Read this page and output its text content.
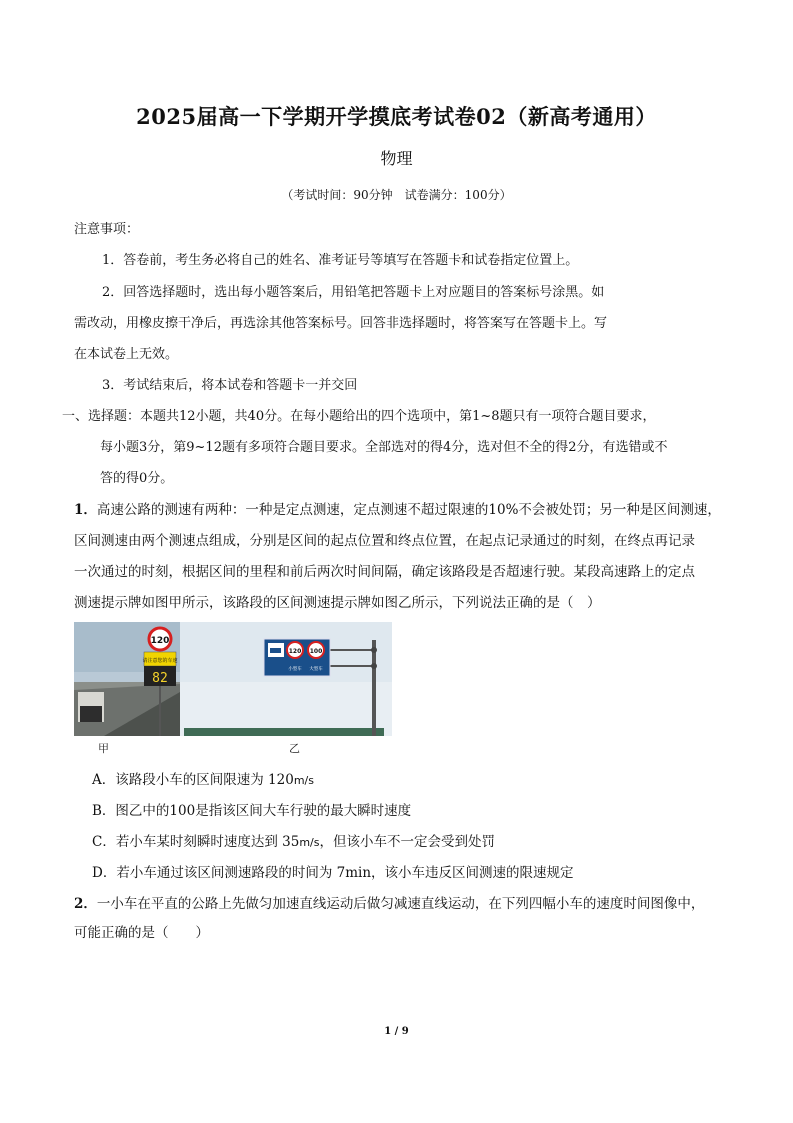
2025届高一下学期开学摸底考试卷02（新高考通用）
物理
（考试时间：90分钟　试卷满分：100分）
注意事项：
1．答卷前，考生务必将自己的姓名、准考证号等填写在答题卡和试卷指定位置上。
2．回答选择题时，选出每小题答案后，用铅笔把答题卡上对应题目的答案标号涂黑。如
需改动，用橡皮擦干净后，再选涂其他答案标号。回答非选择题时，将答案写在答题卡上。写
在本试卷上无效。
3．考试结束后，将本试卷和答题卡一并交回
一、选择题：本题共12小题，共40分。在每小题给出的四个选项中，第1~8题只有一项符合题目要求，
每小题3分，第9~12题有多项符合题目要求。全部选对的得4分，选对但不全的得2分，有选错或不
答的得0分。
1．高速公路的测速有两种：一种是定点测速，定点测速不超过限速的10%不会被处罚；另一种是区间测速，
区间测速由两个测速点组成，分别是区间的起点位置和终点位置，在起点记录通过的时刻，在终点再记录
一次通过的时刻，根据区间的里程和前后两次时间间隔，确定该路段是否超速行驶。某段高速路上的定点
测速提示牌如图甲所示，该路段的区间测速提示牌如图乙所示，下列说法正确的是（　）
120
请注意您的车速
82
120 100
小型车 大型车
甲	乙
A．该路段小车的区间限速为 120m/s
B．图乙中的100是指该区间大车行驶的最大瞬时速度
C．若小车某时刻瞬时速度达到 35m/s，但该小车不一定会受到处罚
D．若小车通过该区间测速路段的时间为 7min，该小车违反区间测速的限速规定
2．一小车在平直的公路上先做匀加速直线运动后做匀减速直线运动，在下列四幅小车的速度时间图像中，
可能正确的是（　　）
1 / 9
